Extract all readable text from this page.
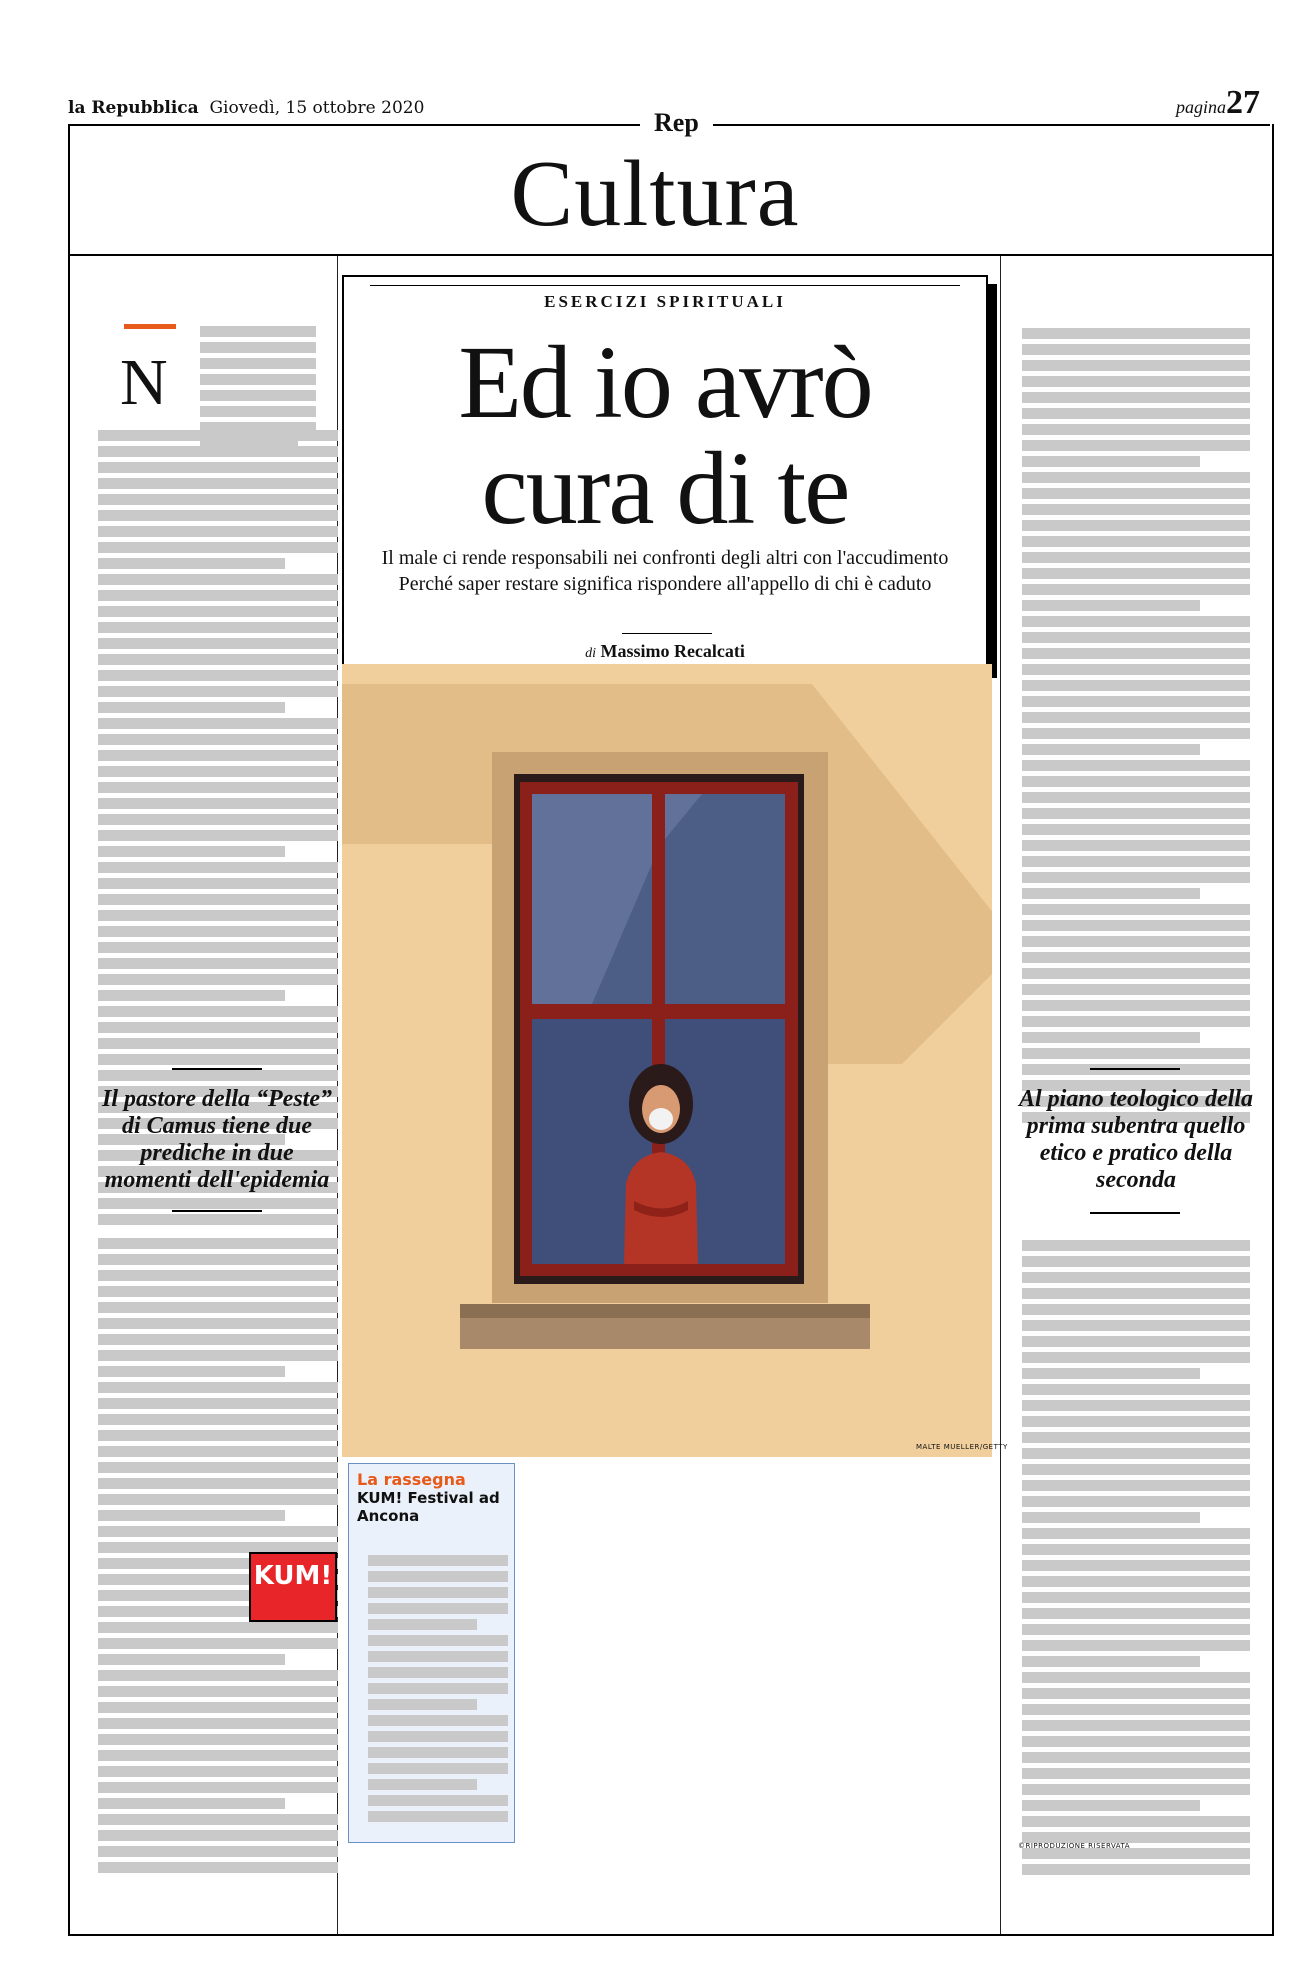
la Repubblica Giovedì, 15 ottobre 2020	pagina27
Rep
Cultura
N
Il pastore della “Peste” di Camus tiene due prediche in due momenti dell'epidemia
KUM!

ESERCIZI SPIRITUALI
Ed io avrò
cura di te
Il male ci rende responsabili nei confronti degli altri con l'accudimento
Perché saper restare significa rispondere all'appello di chi è caduto
di Massimo Recalcati
MALTE MUELLER/GETTY
La rassegna
KUM! Festival ad Ancona
Al piano teologico della prima subentra quello etico e pratico della seconda
©RIPRODUZIONE RISERVATA
